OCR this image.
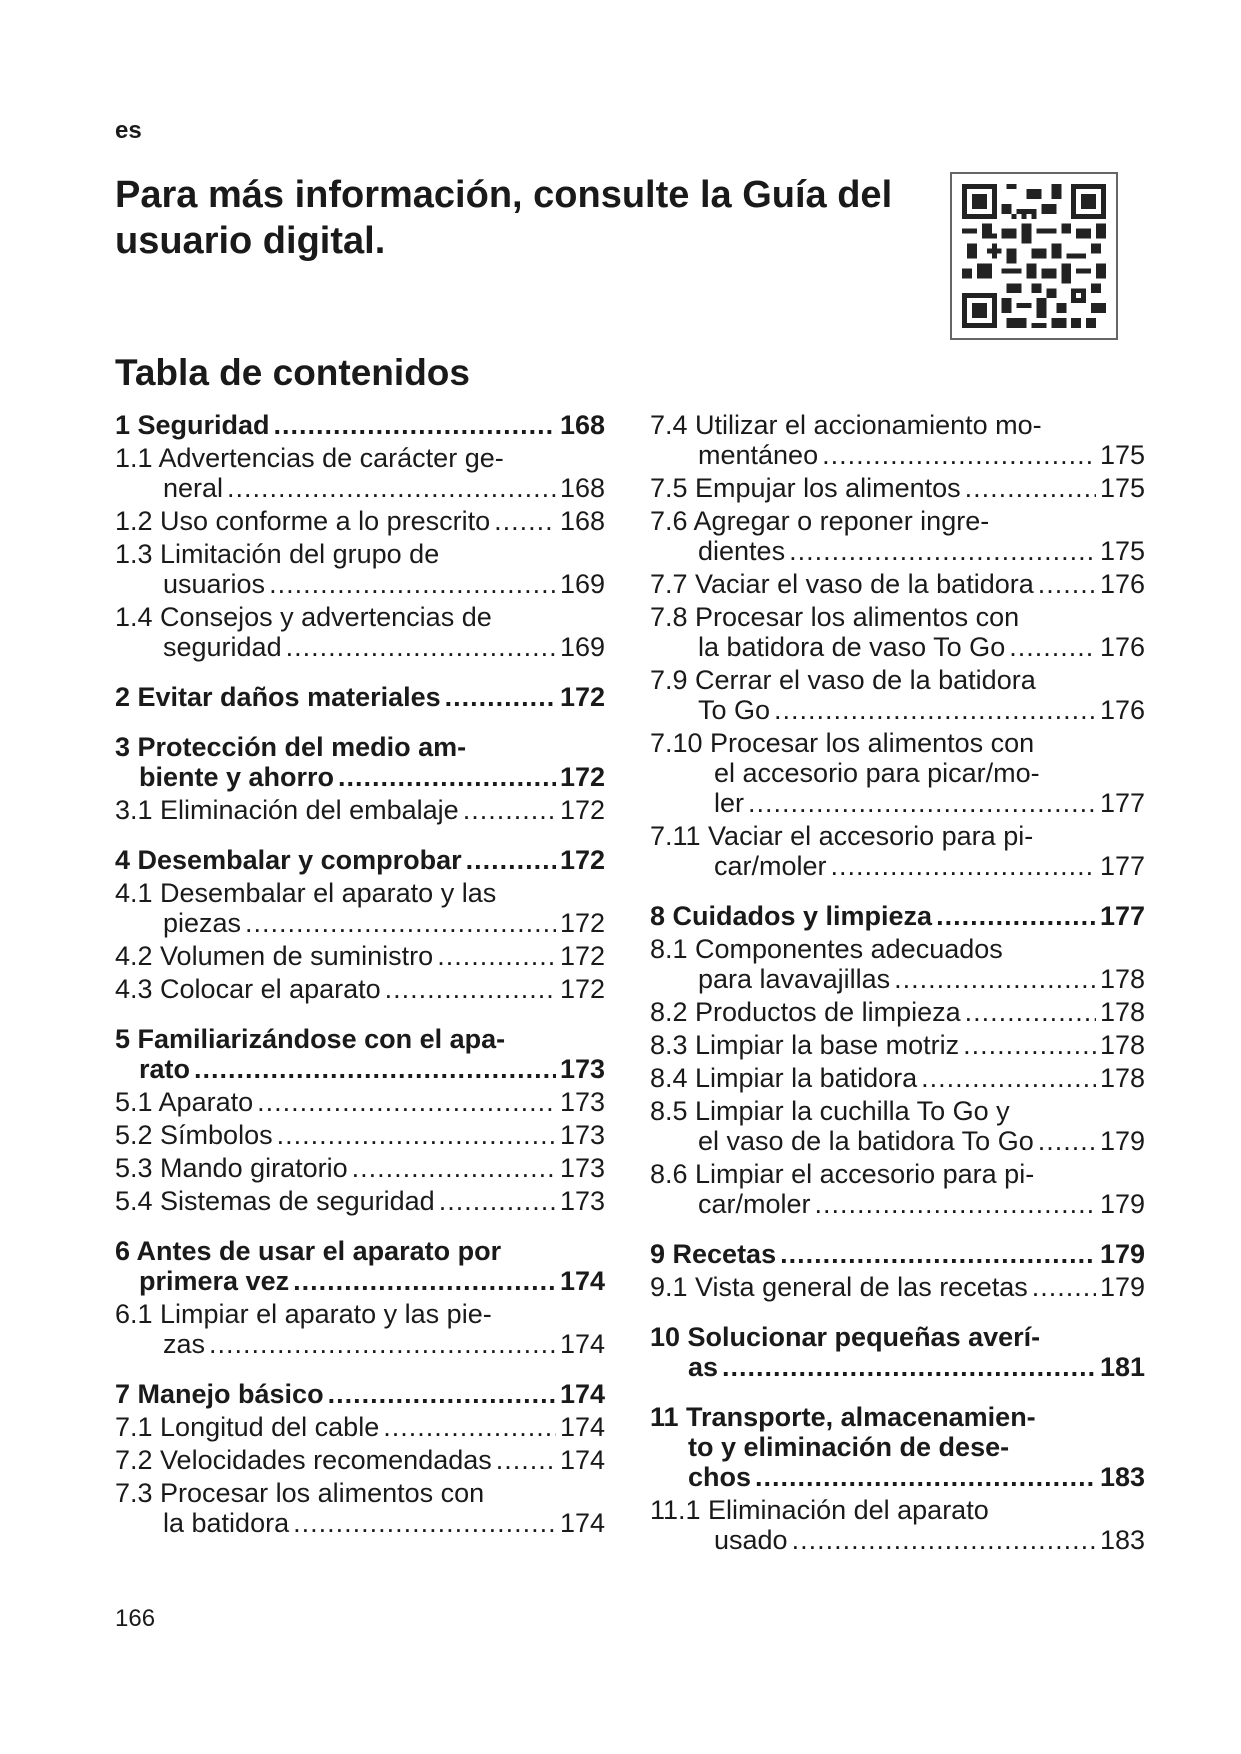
es
Para más información, consulte la Guía del usuario digital.
Tabla de contenidos
1 Seguridad .....	168
1.1 Advertencias de carácter ge-
neral .....	168
1.2 Uso conforme a lo prescrito .....	168
1.3 Limitación del grupo de
usuarios .....	169
1.4 Consejos y advertencias de
seguridad .....	169
2 Evitar daños materiales .....	172
3 Protección del medio am-
biente y ahorro .....	172
3.1 Eliminación del embalaje .....	172
4 Desembalar y comprobar .....	172
4.1 Desembalar el aparato y las
piezas .....	172
4.2 Volumen de suministro .....	172
4.3 Colocar el aparato .....	172
5 Familiarizándose con el apa-
rato .....	173
5.1 Aparato .....	173
5.2 Símbolos .....	173
5.3 Mando giratorio .....	173
5.4 Sistemas de seguridad .....	173
6 Antes de usar el aparato por
primera vez .....	174
6.1 Limpiar el aparato y las pie-
zas .....	174
7 Manejo básico .....	174
7.1 Longitud del cable .....	174
7.2 Velocidades recomendadas .....	174
7.3 Procesar los alimentos con
la batidora .....	174
7.4 Utilizar el accionamiento mo-
mentáneo .....	175
7.5 Empujar los alimentos .....	175
7.6 Agregar o reponer ingre-
dientes .....	175
7.7 Vaciar el vaso de la batidora ..... 176
7.8 Procesar los alimentos con
la batidora de vaso To Go .....	176
7.9 Cerrar el vaso de la batidora
To Go .....	176
7.10 Procesar los alimentos con
el accesorio para picar/mo-
ler .....	177
7.11 Vaciar el accesorio para pi-
car/moler .....	177
8 Cuidados y limpieza .....	177
8.1 Componentes adecuados
para lavavajillas .....	178
8.2 Productos de limpieza .....	178
8.3 Limpiar la base motriz .....	178
8.4 Limpiar la batidora .....	178
8.5 Limpiar la cuchilla To Go y
el vaso de la batidora To Go ..... 179
8.6 Limpiar el accesorio para pi-
car/moler .....	179
9 Recetas .....	179
9.1 Vista general de las recetas .....	179
10 Solucionar pequeñas averí-
as .....	181
11 Transporte, almacenamien-
to y eliminación de dese-
chos .....	183
11.1 Eliminación del aparato
usado .....	183
166
